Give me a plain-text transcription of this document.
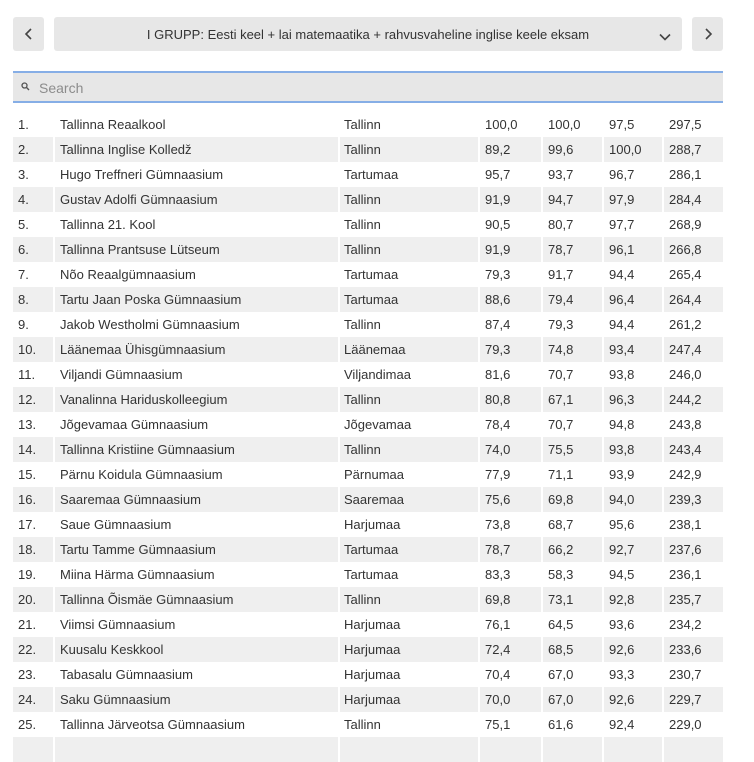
I GRUPP: Eesti keel + lai matemaatika + rahvusvaheline inglise keele eksam
Search
1.	Tallinna Reaalkool	Tallinn	100,0	100,0	97,5	297,5
2.	Tallinna Inglise Kolledž	Tallinn	89,2	99,6	100,0	288,7
3.	Hugo Treffneri Gümnaasium	Tartumaa	95,7	93,7	96,7	286,1
4.	Gustav Adolfi Gümnaasium	Tallinn	91,9	94,7	97,9	284,4
5.	Tallinna 21. Kool	Tallinn	90,5	80,7	97,7	268,9
6.	Tallinna Prantsuse Lütseum	Tallinn	91,9	78,7	96,1	266,8
7.	Nõo Reaalgümnaasium	Tartumaa	79,3	91,7	94,4	265,4
8.	Tartu Jaan Poska Gümnaasium	Tartumaa	88,6	79,4	96,4	264,4
9.	Jakob Westholmi Gümnaasium	Tallinn	87,4	79,3	94,4	261,2
10.	Läänemaa Ühisgümnaasium	Läänemaa	79,3	74,8	93,4	247,4
11.	Viljandi Gümnaasium	Viljandimaa	81,6	70,7	93,8	246,0
12.	Vanalinna Hariduskolleegium	Tallinn	80,8	67,1	96,3	244,2
13.	Jõgevamaa Gümnaasium	Jõgevamaa	78,4	70,7	94,8	243,8
14.	Tallinna Kristiine Gümnaasium	Tallinn	74,0	75,5	93,8	243,4
15.	Pärnu Koidula Gümnaasium	Pärnumaa	77,9	71,1	93,9	242,9
16.	Saaremaa Gümnaasium	Saaremaa	75,6	69,8	94,0	239,3
17.	Saue Gümnaasium	Harjumaa	73,8	68,7	95,6	238,1
18.	Tartu Tamme Gümnaasium	Tartumaa	78,7	66,2	92,7	237,6
19.	Miina Härma Gümnaasium	Tartumaa	83,3	58,3	94,5	236,1
20.	Tallinna Õismäe Gümnaasium	Tallinn	69,8	73,1	92,8	235,7
21.	Viimsi Gümnaasium	Harjumaa	76,1	64,5	93,6	234,2
22.	Kuusalu Keskkool	Harjumaa	72,4	68,5	92,6	233,6
23.	Tabasalu Gümnaasium	Harjumaa	70,4	67,0	93,3	230,7
24.	Saku Gümnaasium	Harjumaa	70,0	67,0	92,6	229,7
25.	Tallinna Järveotsa Gümnaasium	Tallinn	75,1	61,6	92,4	229,0
